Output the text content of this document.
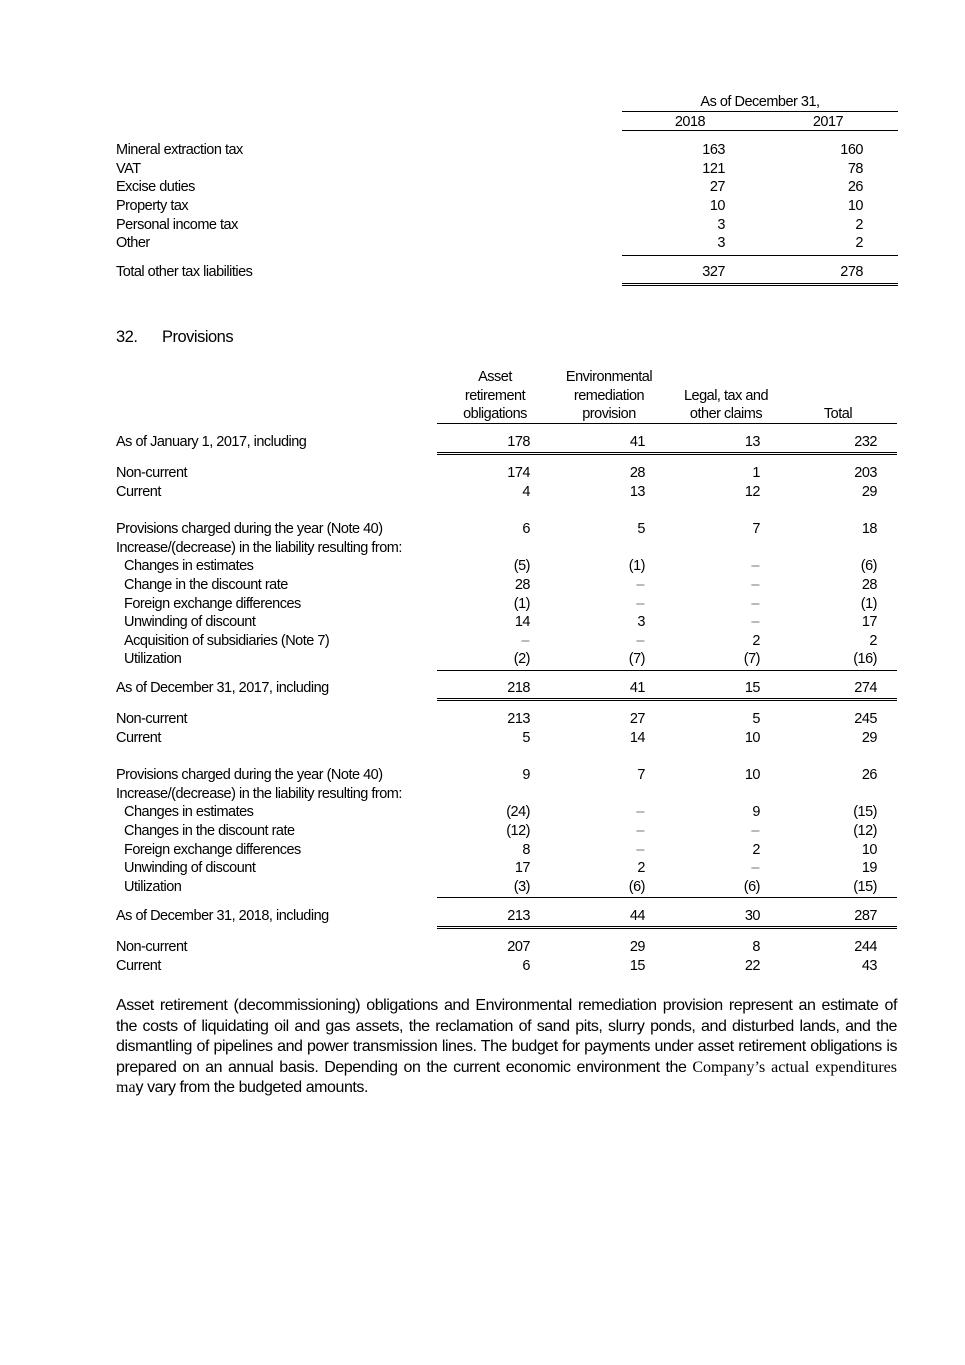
As of December 31,
2018	2017
Mineral extraction tax	163	160
VAT	121	78
Excise duties	27	26
Property tax	10	10
Personal income tax	3	2
Other	3	2
Total other tax liabilities	327	278
32. Provisions
Asset
retirement
obligations
Environmental
remediation
provision
Legal, tax and
other claims	Total
As of January 1, 2017, including	178	41	13	232
Non-current	174	28	1	203
Current	4	13	12	29
Provisions charged during the year (Note 40)	6	5	7	18
Increase/(decrease) in the liability resulting from:
Changes in estimates	(5)	(1)	–	(6)
Change in the discount rate	28	–	–	28
Foreign exchange differences	(1)	–	–	(1)
Unwinding of discount	14	3	–	17
Acquisition of subsidiaries (Note 7)	–	–	2	2
Utilization	(2)	(7)	(7)	(16)
As of December 31, 2017, including	218	41	15	274
Non-current	213	27	5	245
Current	5	14	10	29
Provisions charged during the year (Note 40)	9	7	10	26
Increase/(decrease) in the liability resulting from:
Changes in estimates	(24)	–	9	(15)
Changes in the discount rate	(12)	–	–	(12)
Foreign exchange differences	8	–	2	10
Unwinding of discount	17	2	–	19
Utilization	(3)	(6)	(6)	(15)
As of December 31, 2018, including	213	44	30	287
Non-current	207	29	8	244
Current	6	15	22	43
Asset retirement (decommissioning) obligations and Environmental remediation provision represent an estimate of the costs of liquidating oil and gas assets, the reclamation of sand pits, slurry ponds, and disturbed lands, and the dismantling of pipelines and power transmission lines. The budget for payments under asset retirement obligations is prepared on an annual basis. Depending on the current economic environment the Company’s actual expenditures may vary from the budgeted amounts.
